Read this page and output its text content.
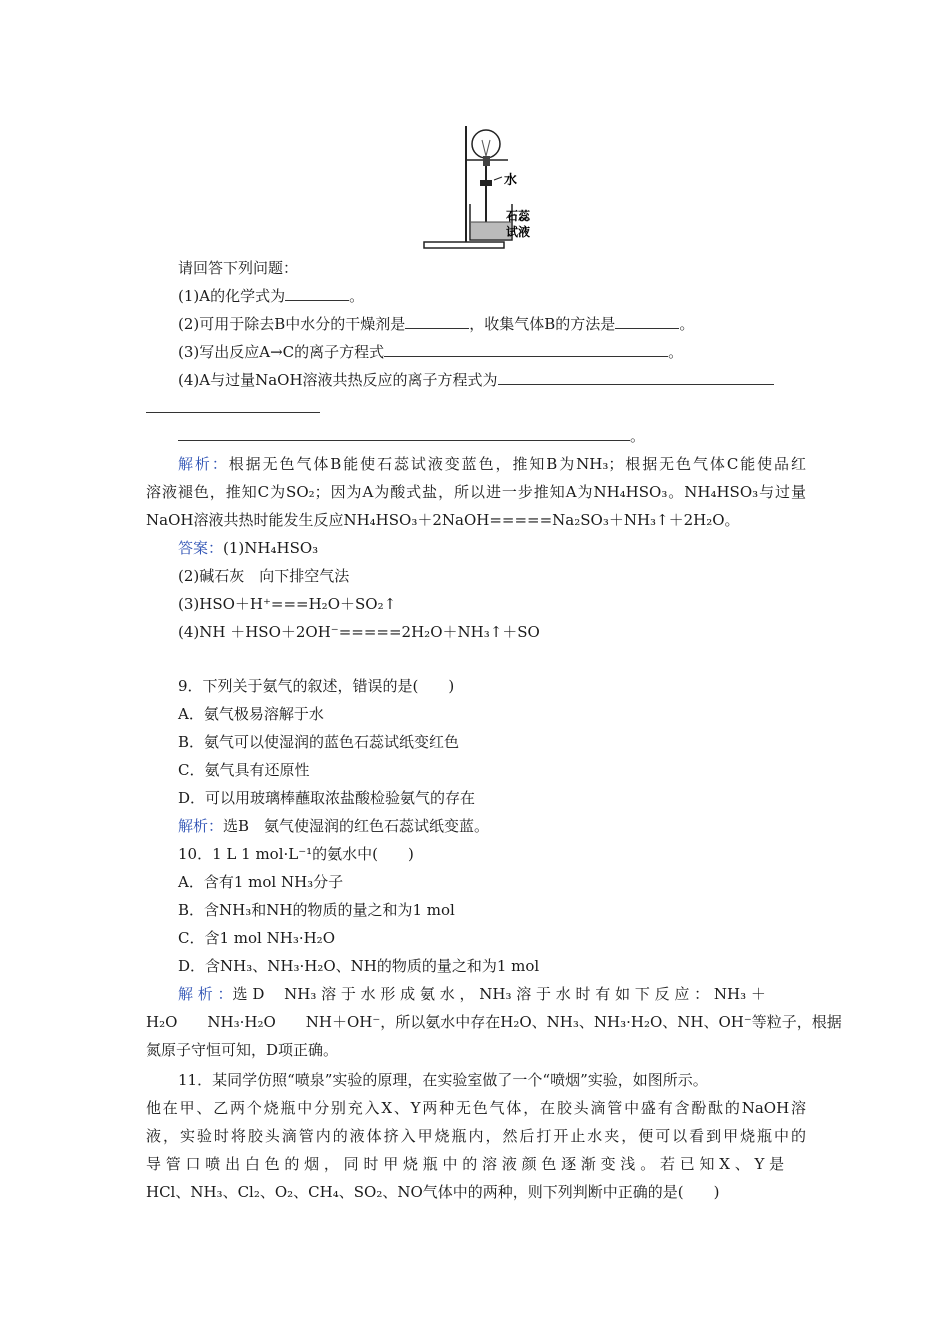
水
石蕊
试液
请回答下列问题：
(1)A的化学式为	。
(2)可用于除去B中水分的干燥剂是	，收集气体B的方法是	。
(3)写出反应A→C的离子方程式	。
(4)A与过量NaOH溶液共热反应的离子方程式为
。
解析：根据无色气体B能使石蕊试液变蓝色，推知B为NH₃；根据无色气体C能使品红
溶液褪色，推知C为SO₂；因为A为酸式盐，所以进一步推知A为NH₄HSO₃。NH₄HSO₃与过量
NaOH溶液共热时能发生反应NH₄HSO₃＋2NaOH=====Na₂SO₃＋NH₃↑＋2H₂O。
答案：(1)NH₄HSO₃
(2)碱石灰　向下排空气法
(3)HSO＋H⁺===H₂O＋SO₂↑
(4)NH ＋HSO＋2OH⁻=====2H₂O＋NH₃↑＋SO
9．下列关于氨气的叙述，错误的是(　　)
A．氨气极易溶解于水
B．氨气可以使湿润的蓝色石蕊试纸变红色
C．氨气具有还原性
D．可以用玻璃棒蘸取浓盐酸检验氨气的存在
解析：选B　氨气使湿润的红色石蕊试纸变蓝。
10．1 L 1 mol·L⁻¹的氨水中(　　)
A．含有1 mol NH₃分子
B．含NH₃和NH的物质的量之和为1 mol
C．含1 mol NH₃·H₂O
D．含NH₃、NH₃·H₂O、NH的物质的量之和为1 mol
解 析 ：选 D　 NH₃ 溶 于 水 形 成 氨 水 ， NH₃ 溶 于 水 时 有 如 下 反 应 ： NH₃ ＋
H₂O　　NH₃·H₂O　　NH＋OH⁻，所以氨水中存在H₂O、NH₃、NH₃·H₂O、NH、OH⁻等粒子，根据
氮原子守恒可知，D项正确。
11．某同学仿照“喷泉”实验的原理，在实验室做了一个“喷烟”实验，如图所示。
他在甲、乙两个烧瓶中分别充入X、Y两种无色气体，在胶头滴管中盛有含酚酞的NaOH溶
液，实验时将胶头滴管内的液体挤入甲烧瓶内，然后打开止水夹，便可以看到甲烧瓶中的
导 管 口 喷 出 白 色 的 烟 ， 同 时 甲 烧 瓶 中 的 溶 液 颜 色 逐 渐 变 浅 。 若 已 知 X 、 Y 是
HCl、NH₃、Cl₂、O₂、CH₄、SO₂、NO气体中的两种，则下列判断中正确的是(　　)
